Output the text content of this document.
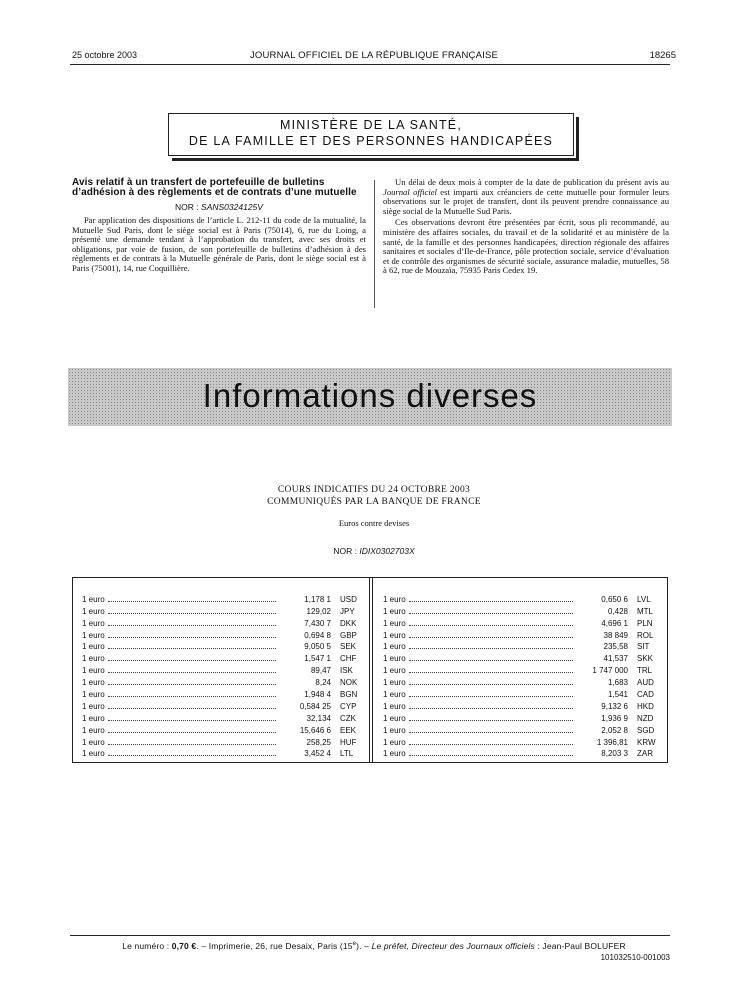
25 octobre 2003	JOURNAL OFFICIEL DE LA RÉPUBLIQUE FRANÇAISE	18265
MINISTÈRE DE LA SANTÉ,
DE LA FAMILLE ET DES PERSONNES HANDICAPÉES
Avis relatif à un transfert de portefeuille de bulletins d’adhésion à des règlements et de contrats d’une mutuelle
NOR : SANS0324125V

Par application des dispositions de l’article L. 212-11 du code de la mutualité, la Mutuelle Sud Paris, dont le siège social est à Paris (75014), 6, rue du Loing, a présenté une demande tendant à l’approbation du transfert, avec ses droits et obligations, par voie de fusion, de son portefeuille de bulletins d’adhésion à des règlements et de contrats à la Mutuelle générale de Paris, dont le siège social est à Paris (75001), 14, rue Coquillière.

Un délai de deux mois à compter de la date de publication du présent avis au Journal officiel est imparti aux créanciers de cette mutuelle pour formuler leurs observations sur le projet de transfert, dont ils peuvent prendre connaissance au siège social de la Mutuelle Sud Paris.

Ces observations devront être présentées par écrit, sous pli recommandé, au ministère des affaires sociales, du travail et de la solidarité et au ministère de la santé, de la famille et des personnes handicapées, direction régionale des affaires sanitaires et sociales d’Ile-de-France, pôle protection sociale, service d’évaluation et de contrôle des organismes de sécurité sociale, assurance maladie, mutuelles, 58 à 62, rue de Mouzaïa, 75935 Paris Cedex 19.

Informations diverses
COURS INDICATIFS DU 24 OCTOBRE 2003
COMMUNIQUÉS PAR LA BANQUE DE FRANCE
Euros contre devises
NOR : IDIX0302703X
1 euro	1,178 1 USD
1 euro	129,02 JPY
1 euro	7,430 7 DKK
1 euro	0,694 8 GBP
1 euro	9,050 5 SEK
1 euro	1,547 1 CHF
1 euro	89,47 ISK
1 euro	8,24 NOK
1 euro	1,948 4 BGN
1 euro	0,584 25 CYP
1 euro	32,134 CZK
1 euro	15,646 6 EEK
1 euro	258,25 HUF
1 euro	3,452 4 LTL
1 euro	0,650 6 LVL
1 euro	0,428 MTL
1 euro	4,696 1 PLN
1 euro	38 849 ROL
1 euro	235,58 SIT
1 euro	41,537 SKK
1 euro	1 747 000 TRL
1 euro	1,683 AUD
1 euro	1,541 CAD
1 euro	9,132 6 HKD
1 euro	1,936 9 NZD
1 euro	2,052 8 SGD
1 euro	1 396,81 KRW
1 euro	8,203 3 ZAR
Le numéro : 0,70 €. – Imprimerie, 26, rue Desaix, Paris (15e). – Le préfet, Directeur des Journaux officiels : Jean-Paul BOLUFER
101032510-001003
